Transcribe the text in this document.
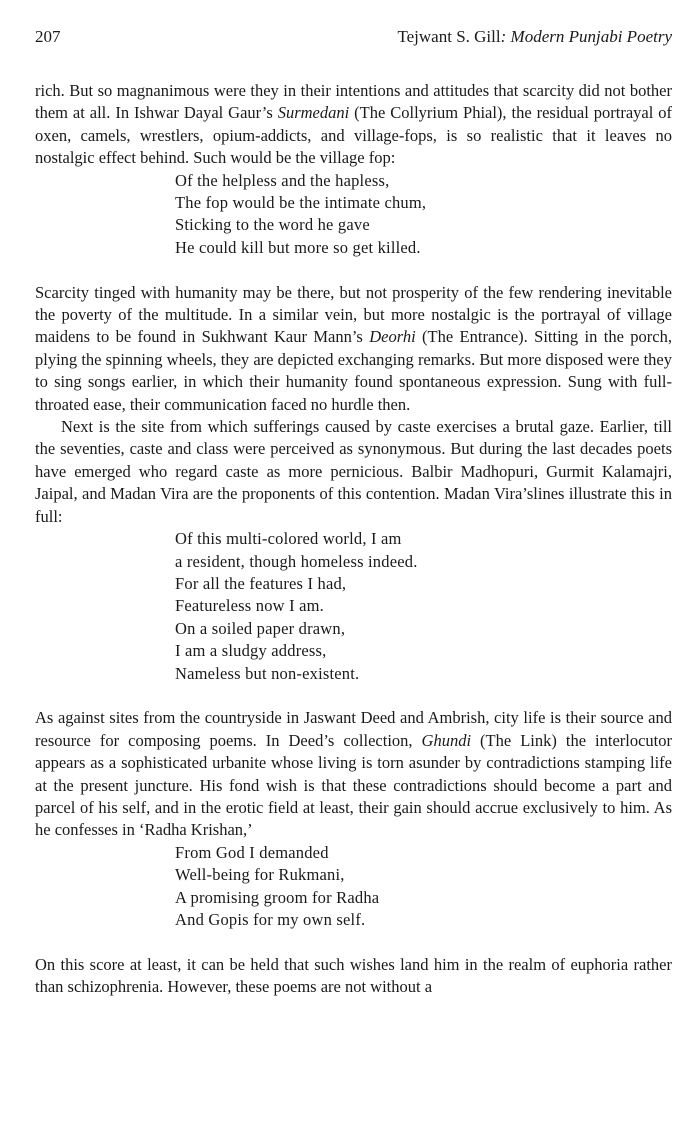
207	Tejwant S. Gill: Modern Punjabi Poetry

rich. But so magnanimous were they in their intentions and attitudes that scarcity did not bother them at all. In Ishwar Dayal Gaur’s Surmedani (The Collyrium Phial), the residual portrayal of oxen, camels, wrestlers, opium-addicts, and village-fops, is so realistic that it leaves no nostalgic effect behind. Such would be the village fop:

Of the helpless and the hapless,
The fop would be the intimate chum,
Sticking to the word he gave
He could kill but more so get killed.

Scarcity tinged with humanity may be there, but not prosperity of the few rendering inevitable the poverty of the multitude. In a similar vein, but more nostalgic is the portrayal of village maidens to be found in Sukhwant Kaur Mann’s Deorhi (The Entrance). Sitting in the porch, plying the spinning wheels, they are depicted exchanging remarks. But more disposed were they to sing songs earlier, in which their humanity found spontaneous expression. Sung with full-throated ease, their communication faced no hurdle then.

Next is the site from which sufferings caused by caste exercises a brutal gaze. Earlier, till the seventies, caste and class were perceived as synonymous. But during the last decades poets have emerged who regard caste as more pernicious. Balbir Madhopuri, Gurmit Kalamajri, Jaipal, and Madan Vira are the proponents of this contention. Madan Vira’slines illustrate this in full:

Of this multi-colored world, I am
a resident, though homeless indeed.
For all the features I had,
Featureless now I am.
On a soiled paper drawn,
I am a sludgy address,
Nameless but non-existent.

As against sites from the countryside in Jaswant Deed and Ambrish, city life is their source and resource for composing poems. In Deed’s collection, Ghundi (The Link) the interlocutor appears as a sophisticated urbanite whose living is torn asunder by contradictions stamping life at the present juncture. His fond wish is that these contradictions should become a part and parcel of his self, and in the erotic field at least, their gain should accrue exclusively to him. As he confesses in ‘Radha Krishan,’

From God I demanded
Well-being for Rukmani,
A promising groom for Radha
And Gopis for my own self.

On this score at least, it can be held that such wishes land him in the realm of euphoria rather than schizophrenia. However, these poems are not without a
